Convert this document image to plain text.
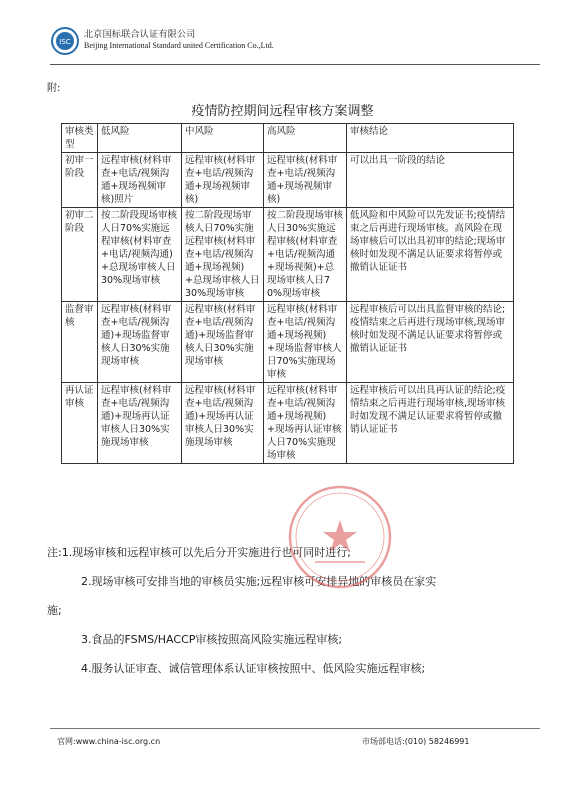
ISC
北京国标联合认证有限公司
Beijing International Standard united Certification Co.,Ltd.
附:
疫情防控期间远程审核方案调整
审核类型	低风险	中风险	高风险	审核结论
初审一阶段	远程审核(材料审查+电话/视频沟通+现场视频审核)照片	远程审核(材料审查+电话/视频沟通+现场视频审核)	远程审核(材料审查+电话/视频沟通+现场视频审核)	可以出具一阶段的结论
初审二阶段	按二阶段现场审核人日70%实施远程审核(材料审查+电话/视频沟通)+总现场审核人日30%现场审核	按二阶段现场审核人日70%实施远程审核(材料审查+电话/视频沟通+现场视频)+总现场审核人日30%现场审核	按二阶段现场审核人日30%实施远程审核(材料审查+电话/视频沟通+现场视频)+总现场审核人日70%现场审核	低风险和中风险可以先发证书;疫情结束之后再进行现场审核。高风险在现场审核后可以出具初审的结论;现场审核时如发现不满足认证要求将暂停或撤销认证证书
监督审核	远程审核(材料审查+电话/视频沟通)+现场监督审核人日30%实施现场审核	远程审核(材料审查+电话/视频沟通)+现场监督审核人日30%实施现场审核	远程审核(材料审查+电话/视频沟通+现场视频)+现场监督审核人日70%实施现场审核	远程审核后可以出具监督审核的结论;疫情结束之后再进行现场审核,现场审核时如发现不满足认证要求将暂停或撤销认证证书
再认证审核	远程审核(材料审查+电话/视频沟通)+现场再认证审核人日30%实施现场审核	远程审核(材料审查+电话/视频沟通)+现场再认证审核人日30%实施现场审核	远程审核(材料审查+电话/视频沟通+现场视频)+现场再认证审核人日70%实施现场审核	远程审核后可以出具再认证的结论;疫情结束之后再进行现场审核,现场审核时如发现不满足认证要求将暂停或撤销认证证书

注:1.现场审核和远程审核可以先后分开实施进行也可同时进行;

2.现场审核可安排当地的审核员实施;远程审核可安排异地的审核员在家实

施;

3.食品的FSMS/HACCP审核按照高风险实施远程审核;

4.服务认证审查、诚信管理体系认证审核按照中、低风险实施远程审核;

官网:www.china-isc.org.cn	市场部电话:(010) 58246991
